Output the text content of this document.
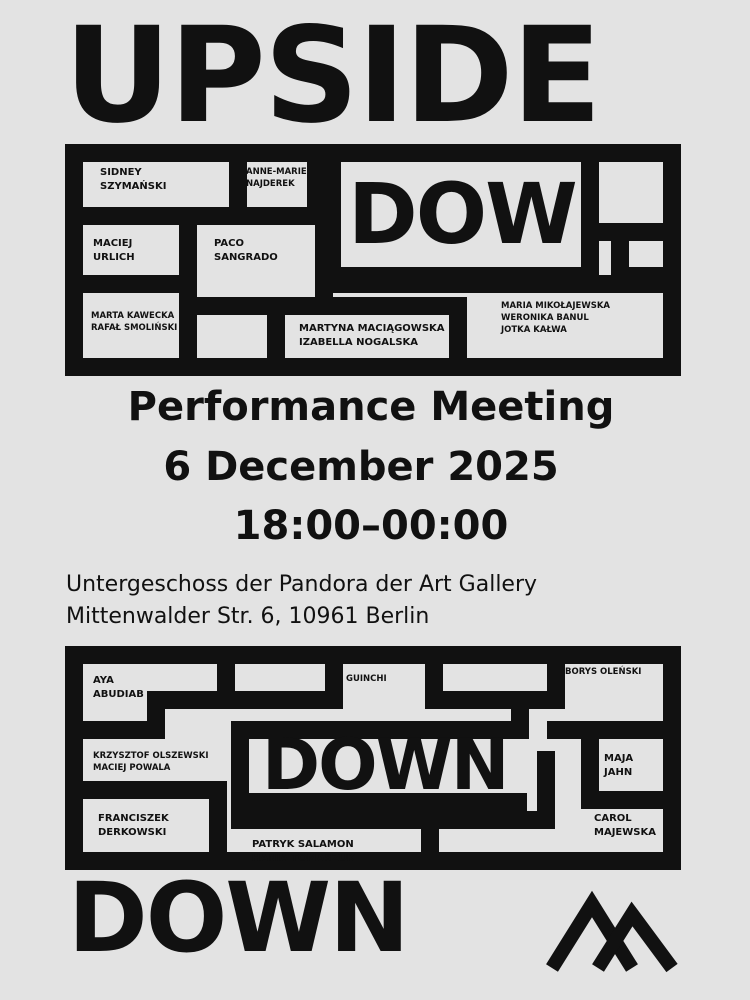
UPSIDE
DOW
SIDNEY
SZYMAŃSKI
ANNE-MARIE
NAJDEREK
MACIEJ
URLICH
PACO
SANGRADO
MARTA KAWECKA
RAFAŁ SMOLIŃSKI	MARTYNA MACIĄGOWSKA
IZABELLA NOGALSKA
MARIA MIKOŁAJEWSKA
WERONIKA BANUL
JOTKA KAŁWA
Performance Meeting
6 December 2025
18:00–00:00
Untergeschoss der Pandora der Art Gallery
Mittenwalder Str. 6, 10961 Berlin
DOWN
AYA
ABUDIAB
GUINCHI
BORYS OLEŃSKI
KRZYSZTOF OLSZEWSKI
MACIEJ POWALA
MAJA
JAHN
FRANCISZEK
DERKOWSKI
CAROL
MAJEWSKA
PATRYK SALAMON
HANIA TOMASZUK
DOWN
